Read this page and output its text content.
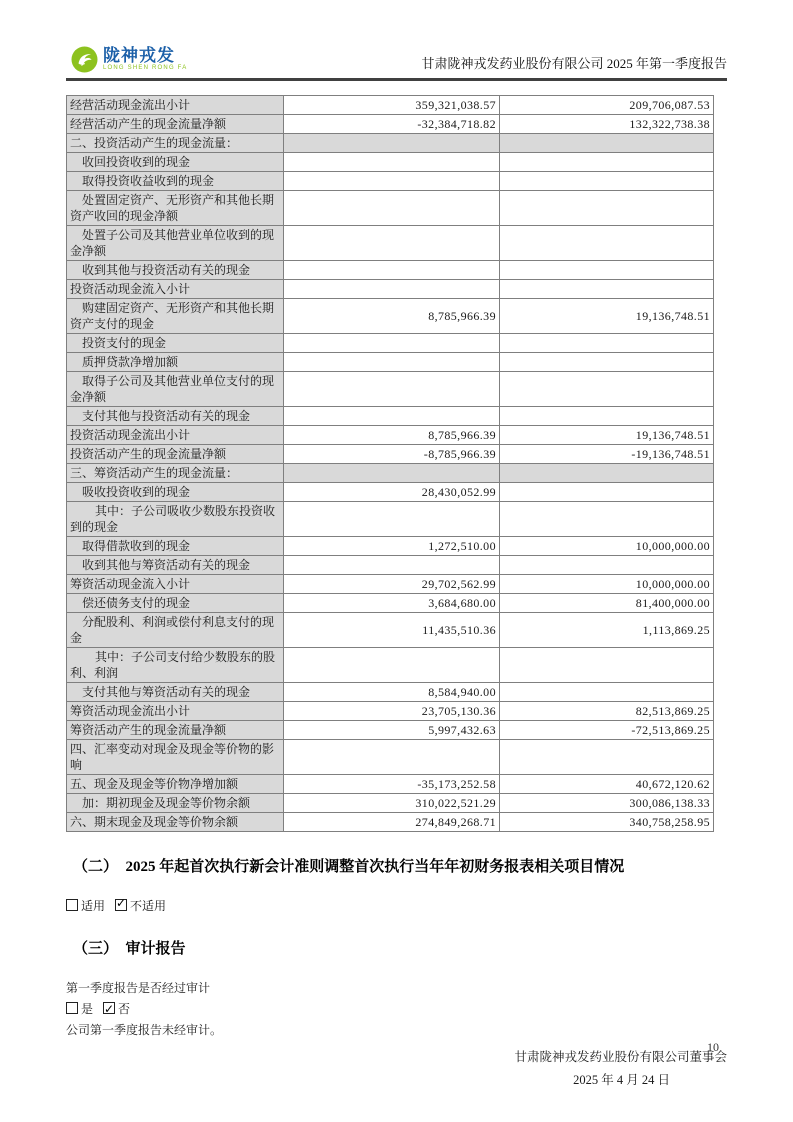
陇神戎发
LONG SHEN RONG FA	甘肃陇神戎发药业股份有限公司 2025 年第一季度报告
经营活动现金流出小计	359,321,038.57	209,706,087.53
经营活动产生的现金流量净额	-32,384,718.82	132,322,738.38
二、投资活动产生的现金流量：		
收回投资收到的现金		
取得投资收益收到的现金		
处置固定资产、无形资产和其他长期资产收回的现金净额		
处置子公司及其他营业单位收到的现金净额		
收到其他与投资活动有关的现金		
投资活动现金流入小计		
购建固定资产、无形资产和其他长期资产支付的现金	8,785,966.39	19,136,748.51
投资支付的现金		
质押贷款净增加额		
取得子公司及其他营业单位支付的现金净额		
支付其他与投资活动有关的现金		
投资活动现金流出小计	8,785,966.39	19,136,748.51
投资活动产生的现金流量净额	-8,785,966.39	-19,136,748.51
三、筹资活动产生的现金流量：		
吸收投资收到的现金	28,430,052.99	
其中：子公司吸收少数股东投资收到的现金		
取得借款收到的现金	1,272,510.00	10,000,000.00
收到其他与筹资活动有关的现金		
筹资活动现金流入小计	29,702,562.99	10,000,000.00
偿还债务支付的现金	3,684,680.00	81,400,000.00
分配股利、利润或偿付利息支付的现金	11,435,510.36	1,113,869.25
其中：子公司支付给少数股东的股利、利润		
支付其他与筹资活动有关的现金	8,584,940.00	
筹资活动现金流出小计	23,705,130.36	82,513,869.25
筹资活动产生的现金流量净额	5,997,432.63	-72,513,869.25
四、汇率变动对现金及现金等价物的影响		
五、现金及现金等价物净增加额	-35,173,252.58	40,672,120.62
加：期初现金及现金等价物余额	310,022,521.29	300,086,138.33
六、期末现金及现金等价物余额	274,849,268.71	340,758,258.95
（二）  2025 年起首次执行新会计准则调整首次执行当年年初财务报表相关项目情况
适用 ✓ 不适用
（三）  审计报告
第一季度报告是否经过审计
是 ✓ 否
公司第一季度报告未经审计。
甘肃陇神戎发药业股份有限公司董事会
2025 年 4 月 24 日
10
